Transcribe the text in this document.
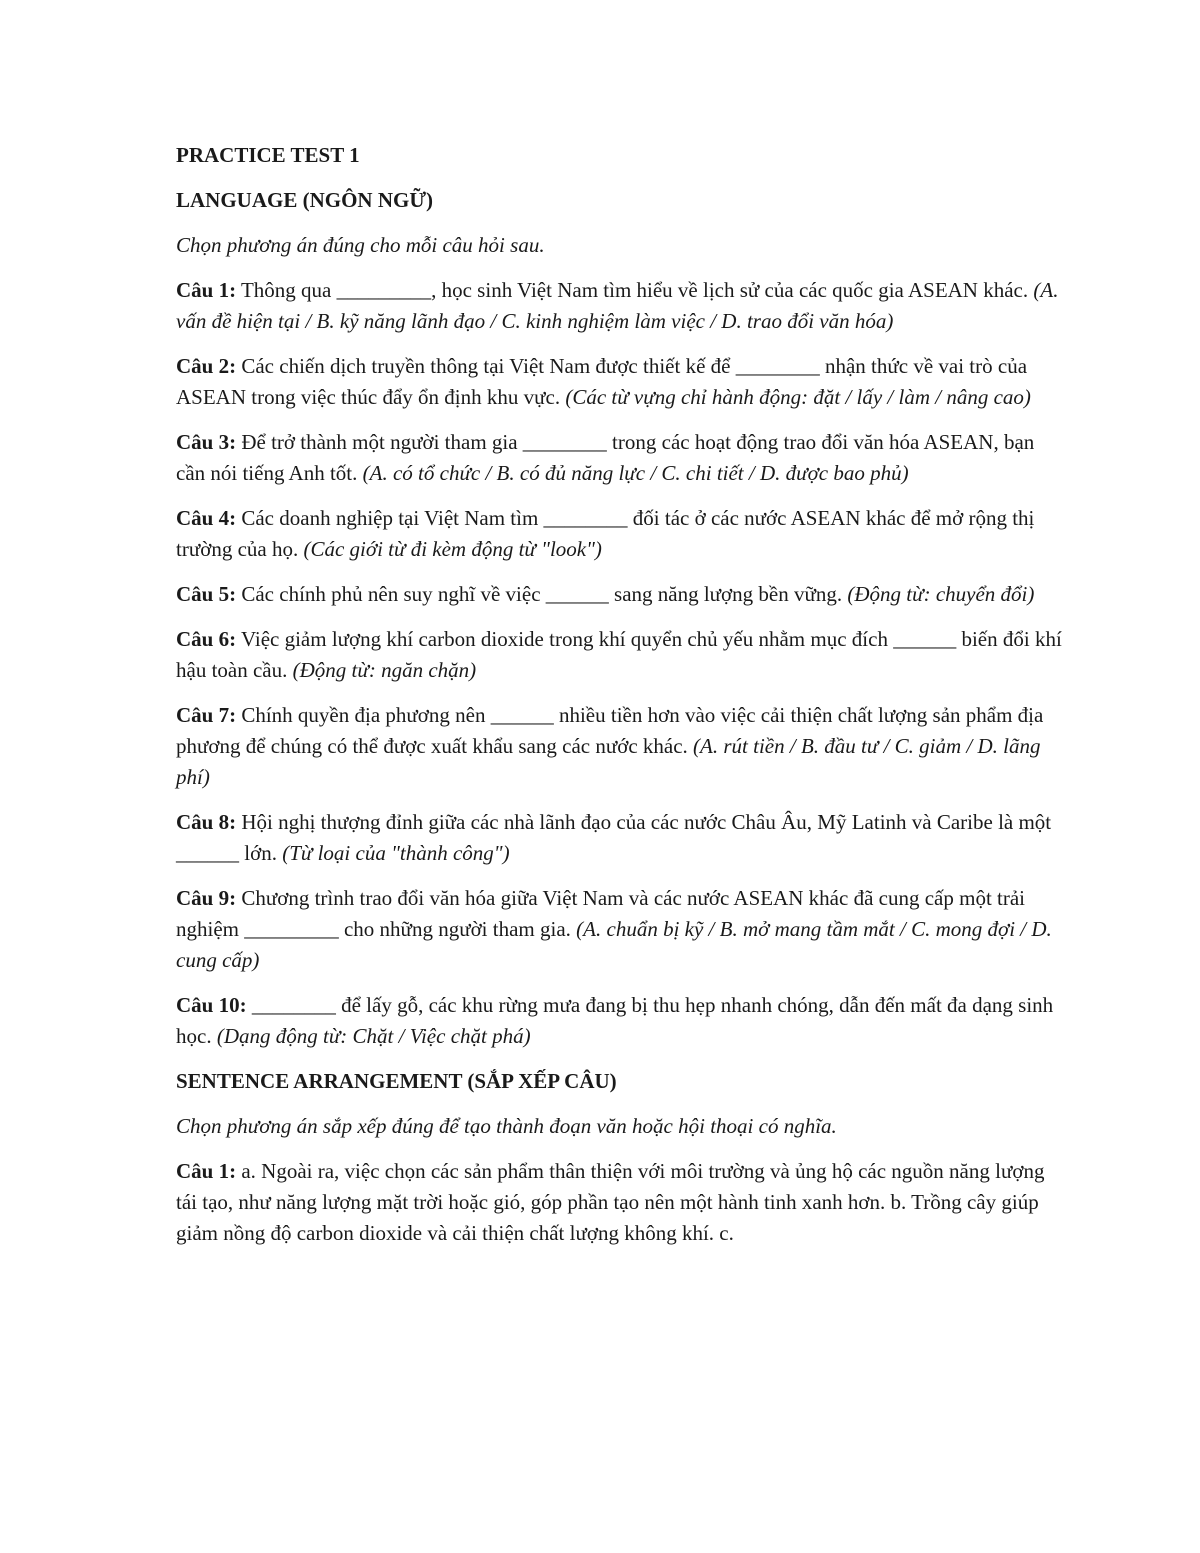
PRACTICE TEST 1
LANGUAGE (NGÔN NGỮ)
Chọn phương án đúng cho mỗi câu hỏi sau.
Câu 1: Thông qua _________, học sinh Việt Nam tìm hiểu về lịch sử của các quốc gia ASEAN khác. (A. vấn đề hiện tại / B. kỹ năng lãnh đạo / C. kinh nghiệm làm việc / D. trao đổi văn hóa)
Câu 2: Các chiến dịch truyền thông tại Việt Nam được thiết kế để ________ nhận thức về vai trò của ASEAN trong việc thúc đẩy ổn định khu vực. (Các từ vựng chỉ hành động: đặt / lấy / làm / nâng cao)
Câu 3: Để trở thành một người tham gia ________ trong các hoạt động trao đổi văn hóa ASEAN, bạn cần nói tiếng Anh tốt. (A. có tổ chức / B. có đủ năng lực / C. chi tiết / D. được bao phủ)
Câu 4: Các doanh nghiệp tại Việt Nam tìm ________ đối tác ở các nước ASEAN khác để mở rộng thị trường của họ. (Các giới từ đi kèm động từ "look")
Câu 5: Các chính phủ nên suy nghĩ về việc ______ sang năng lượng bền vững. (Động từ: chuyển đổi)
Câu 6: Việc giảm lượng khí carbon dioxide trong khí quyển chủ yếu nhằm mục đích ______ biến đổi khí hậu toàn cầu. (Động từ: ngăn chặn)
Câu 7: Chính quyền địa phương nên ______ nhiều tiền hơn vào việc cải thiện chất lượng sản phẩm địa phương để chúng có thể được xuất khẩu sang các nước khác. (A. rút tiền / B. đầu tư / C. giảm / D. lãng phí)
Câu 8: Hội nghị thượng đỉnh giữa các nhà lãnh đạo của các nước Châu Âu, Mỹ Latinh và Caribe là một ______ lớn. (Từ loại của "thành công")
Câu 9: Chương trình trao đổi văn hóa giữa Việt Nam và các nước ASEAN khác đã cung cấp một trải nghiệm _________ cho những người tham gia. (A. chuẩn bị kỹ / B. mở mang tầm mắt / C. mong đợi / D. cung cấp)
Câu 10: ________ để lấy gỗ, các khu rừng mưa đang bị thu hẹp nhanh chóng, dẫn đến mất đa dạng sinh học. (Dạng động từ: Chặt / Việc chặt phá)
SENTENCE ARRANGEMENT (SẮP XẾP CÂU)
Chọn phương án sắp xếp đúng để tạo thành đoạn văn hoặc hội thoại có nghĩa.
Câu 1: a. Ngoài ra, việc chọn các sản phẩm thân thiện với môi trường và ủng hộ các nguồn năng lượng tái tạo, như năng lượng mặt trời hoặc gió, góp phần tạo nên một hành tinh xanh hơn. b. Trồng cây giúp giảm nồng độ carbon dioxide và cải thiện chất lượng không khí. c.
